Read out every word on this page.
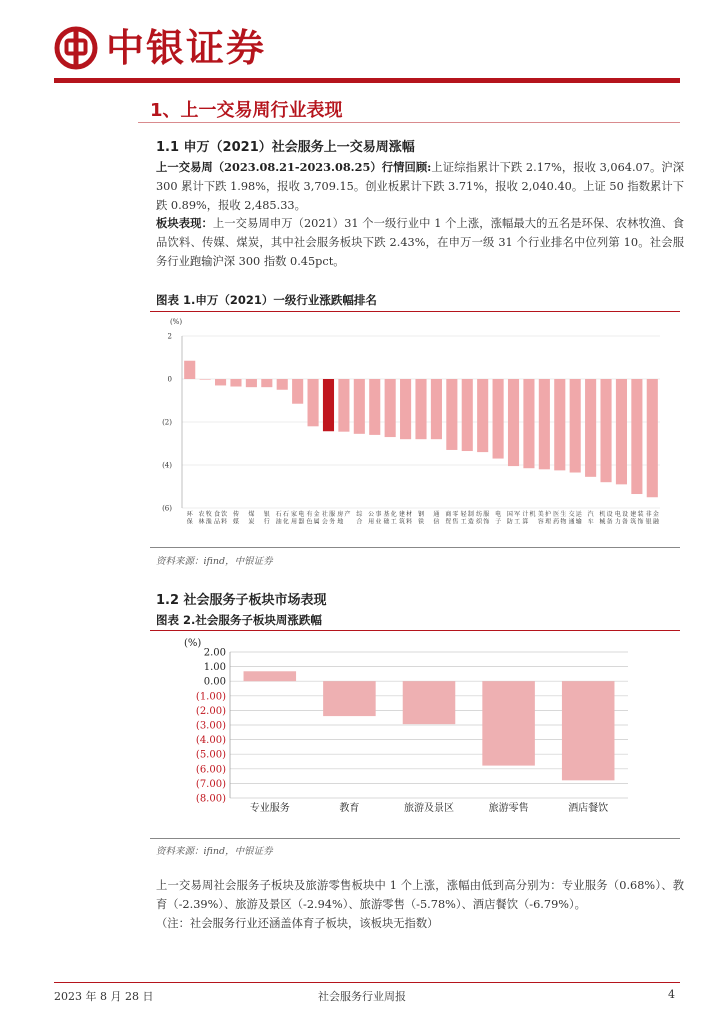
中银证券
1、上一交易周行业表现
1.1 申万（2021）社会服务上一交易周涨幅
上一交易周（2023.08.21-2023.08.25）行情回顾:上证综指累计下跌 2.17%，报收 3,064.07。沪深 300 累计下跌 1.98%，报收 3,709.15。创业板累计下跌 3.71%，报收 2,040.40。上证 50 指数累计下跌 0.89%，报收 2,485.33。
板块表现：上一交易周申万（2021）31 个一级行业中 1 个上涨，涨幅最大的五名是环保、农林牧渔、食品饮料、传媒、煤炭，其中社会服务板块下跌 2.43%，在申万一级 31 个行业排名中位列第 10。社会服务行业跑输沪深 300 指数 0.45pct。
图表 1.申万（2021）一级行业涨跌幅排名
(%)
2
0
(2)
(4)
(6)
环
保
农
林
牧
渔
食
品
饮
料
传
媒
煤
炭
银
行
石
油
石
化
家
用
电
器
有
色
金
属
社
会
服
务
房
地
产 综
合
公
用
事
业
基
础
化
工
建
筑
材
料
钢
铁
通
信
商
贸
零
售
轻
工
制
造
纺
织
服
饰
电
子
国
防
军
工
计
算
机 美
容
护
理
医
药
生
物
交
通
运
输
汽
车
机
械
设
备
电
力
设
备
建
筑
装
饰
非
银
金
融
资料来源：ifind，中银证券
1.2 社会服务子板块市场表现
图表 2.社会服务子板块周涨跌幅
(%)
2.00
1.00
0.00
(1.00)
(2.00)
(3.00)
(4.00)
(5.00)
(6.00)
(7.00)
(8.00)
专业服务	教育	旅游及景区	旅游零售	酒店餐饮
资料来源：ifind，中银证券
上一交易周社会服务子板块及旅游零售板块中 1 个上涨，涨幅由低到高分别为：专业服务（0.68%）、教育（-2.39%）、旅游及景区（-2.94%）、旅游零售（-5.78%）、酒店餐饮（-6.79%）。
（注：社会服务行业还涵盖体育子板块，该板块无指数）
2023 年 8 月 28 日	社会服务行业周报	4
